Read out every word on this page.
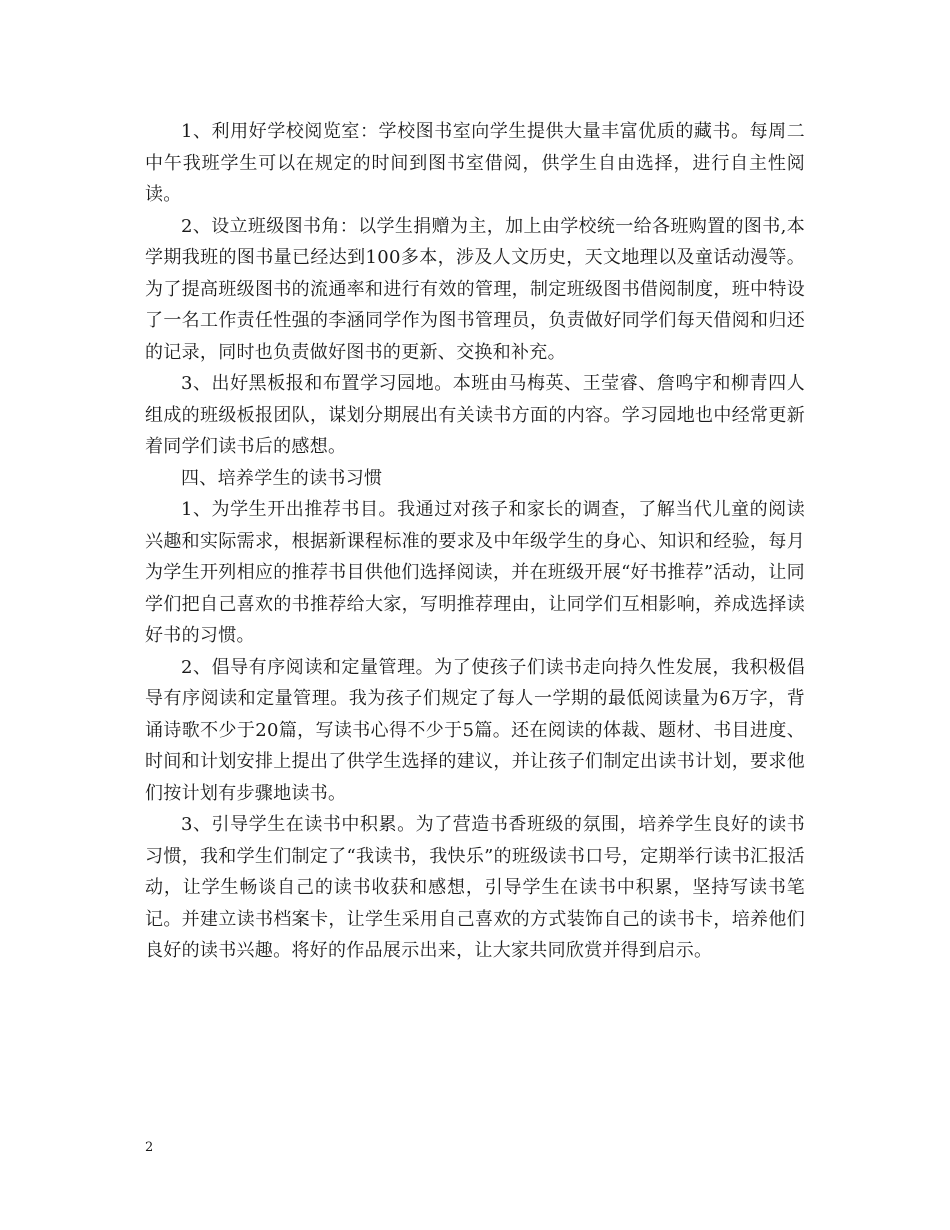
1、利用好学校阅览室：学校图书室向学生提供大量丰富优质的藏书。每周二中午我班学生可以在规定的时间到图书室借阅，供学生自由选择，进行自主性阅读。

2、设立班级图书角：以学生捐赠为主，加上由学校统一给各班购置的图书,本学期我班的图书量已经达到100多本，涉及人文历史，天文地理以及童话动漫等。为了提高班级图书的流通率和进行有效的管理，制定班级图书借阅制度，班中特设了一名工作责任性强的李涵同学作为图书管理员，负责做好同学们每天借阅和归还的记录，同时也负责做好图书的更新、交换和补充。

3、出好黑板报和布置学习园地。本班由马梅英、王莹睿、詹鸣宇和柳青四人组成的班级板报团队，谋划分期展出有关读书方面的内容。学习园地也中经常更新着同学们读书后的感想。

四、培养学生的读书习惯

1、为学生开出推荐书目。我通过对孩子和家长的调查，了解当代儿童的阅读兴趣和实际需求，根据新课程标准的要求及中年级学生的身心、知识和经验，每月为学生开列相应的推荐书目供他们选择阅读，并在班级开展“好书推荐”活动，让同学们把自己喜欢的书推荐给大家，写明推荐理由，让同学们互相影响，养成选择读好书的习惯。

2、倡导有序阅读和定量管理。为了使孩子们读书走向持久性发展，我积极倡导有序阅读和定量管理。我为孩子们规定了每人一学期的最低阅读量为6万字，背诵诗歌不少于20篇，写读书心得不少于5篇。还在阅读的体裁、题材、书目进度、时间和计划安排上提出了供学生选择的建议，并让孩子们制定出读书计划，要求他们按计划有步骤地读书。

3、引导学生在读书中积累。为了营造书香班级的氛围，培养学生良好的读书习惯，我和学生们制定了“我读书，我快乐”的班级读书口号，定期举行读书汇报活动，让学生畅谈自己的读书收获和感想，引导学生在读书中积累，坚持写读书笔记。并建立读书档案卡，让学生采用自己喜欢的方式装饰自己的读书卡，培养他们良好的读书兴趣。将好的作品展示出来，让大家共同欣赏并得到启示。

2
